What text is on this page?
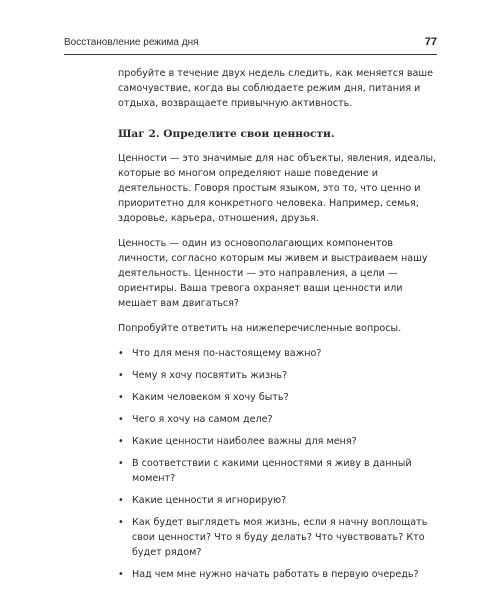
Восстановление режима дня	77

пробуйте в течение двух недель следить, как меняется ваше самочувствие, когда вы соблюдаете режим дня, питания и отдыха, возвращаете привычную активность.

Шаг 2. Определите свои ценности.

Ценности — это значимые для нас объекты, явления, идеалы, которые во многом определяют наше поведение и деятельность. Говоря простым языком, это то, что ценно и приоритетно для конкретного человека. Например, семья, здоровье, карьера, отношения, друзья.

Ценность — один из основополагающих компонентов личности, согласно которым мы живем и выстраиваем нашу деятельность. Ценности — это направления, а цели — ориентиры. Ваша тревога охраняет ваши ценности или мешает вам двигаться?

Попробуйте ответить на нижеперечисленные вопросы.

• Что для меня по-настоящему важно?
• Чему я хочу посвятить жизнь?
• Каким человеком я хочу быть?
• Чего я хочу на самом деле?
• Какие ценности наиболее важны для меня?
• В соответствии с какими ценностями я живу в данный момент?
• Какие ценности я игнорирую?
• Как будет выглядеть моя жизнь, если я начну воплощать свои ценности? Что я буду делать? Что чувствовать? Кто будет рядом?
• Над чем мне нужно начать работать в первую очередь?
